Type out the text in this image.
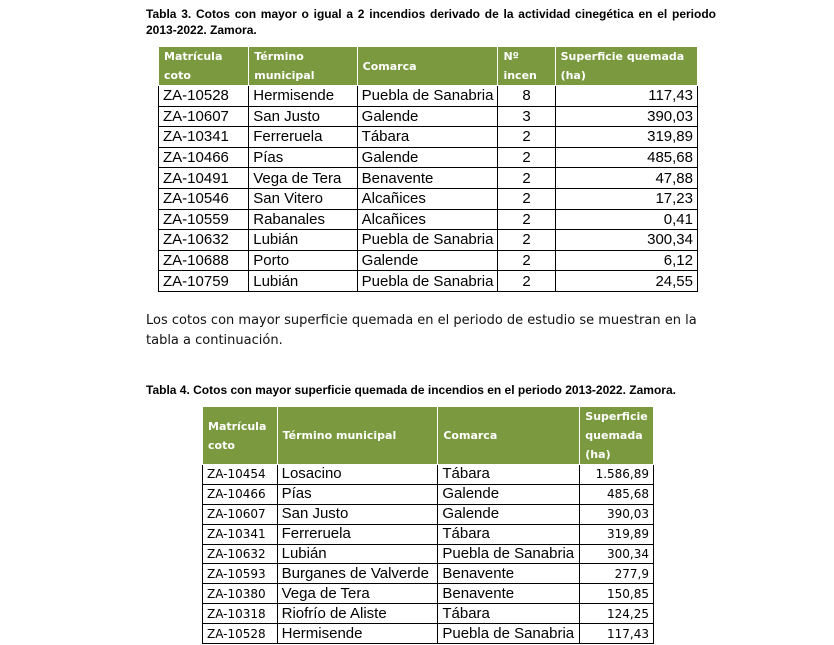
Tabla 3. Cotos con mayor o igual a 2 incendios derivado de la actividad cinegética en el periodo 2013-2022. Zamora.

Matrícula coto	Término municipal	Comarca	Nº incen	Superficie quemada (ha)
ZA-10528	Hermisende	Puebla de Sanabria	8	117,43
ZA-10607	San Justo	Galende	3	390,03
ZA-10341	Ferreruela	Tábara	2	319,89
ZA-10466	Pías	Galende	2	485,68
ZA-10491	Vega de Tera	Benavente	2	47,88
ZA-10546	San Vitero	Alcañices	2	17,23
ZA-10559	Rabanales	Alcañices	2	0,41
ZA-10632	Lubián	Puebla de Sanabria	2	300,34
ZA-10688	Porto	Galende	2	6,12
ZA-10759	Lubián	Puebla de Sanabria	2	24,55

Los cotos con mayor superficie quemada en el periodo de estudio se muestran en la tabla a continuación.

Tabla 4. Cotos con mayor superficie quemada de incendios en el periodo 2013-2022. Zamora.

Matrícula coto	Término municipal	Comarca	Superficie quemada (ha)
ZA-10454	Losacino	Tábara	1.586,89
ZA-10466	Pías	Galende	485,68
ZA-10607	San Justo	Galende	390,03
ZA-10341	Ferreruela	Tábara	319,89
ZA-10632	Lubián	Puebla de Sanabria	300,34
ZA-10593	Burganes de Valverde	Benavente	277,9
ZA-10380	Vega de Tera	Benavente	150,85
ZA-10318	Riofrío de Aliste	Tábara	124,25
ZA-10528	Hermisende	Puebla de Sanabria	117,43
